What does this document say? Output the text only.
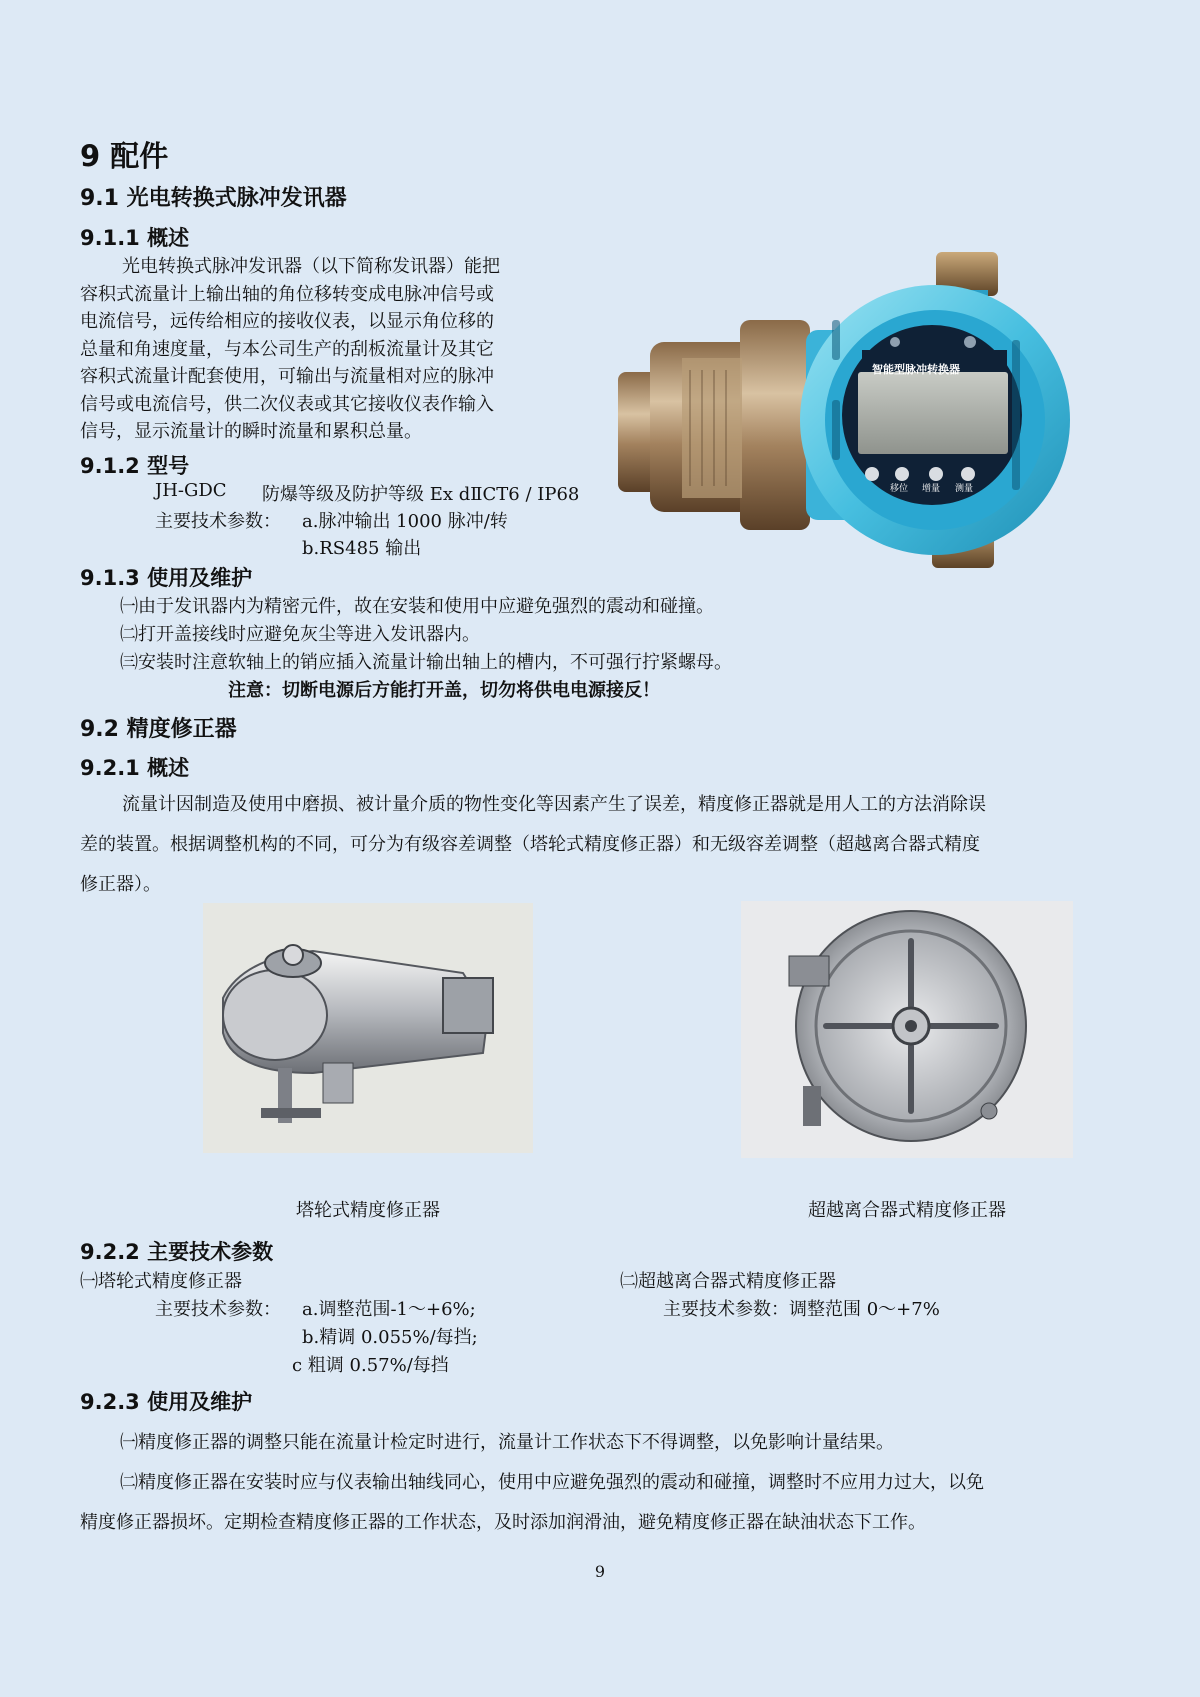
9 配件
9.1 光电转换式脉冲发讯器
9.1.1 概述
光电转换式脉冲发讯器（以下简称发讯器）能把
容积式流量计上输出轴的角位移转变成电脉冲信号或
电流信号，远传给相应的接收仪表，以显示角位移的
总量和角速度量，与本公司生产的刮板流量计及其它
容积式流量计配套使用，可输出与流量相对应的脉冲
信号或电流信号，供二次仪表或其它接收仪表作输入
信号，显示流量计的瞬时流量和累积总量。
智能型脉冲转换器
移位 增量 测量
9.1.2 型号
JH-GDC 防爆等级及防护等级 Ex dⅡCT6 / IP68
主要技术参数： a.脉冲输出 1000 脉冲/转
b.RS485 输出
9.1.3 使用及维护
㈠由于发讯器内为精密元件，故在安装和使用中应避免强烈的震动和碰撞。
㈡打开盖接线时应避免灰尘等进入发讯器内。
㈢安装时注意软轴上的销应插入流量计输出轴上的槽内，不可强行拧紧螺母。
注意：切断电源后方能打开盖，切勿将供电电源接反！
9.2 精度修正器
9.2.1 概述
流量计因制造及使用中磨损、被计量介质的物性变化等因素产生了误差，精度修正器就是用人工的方法消除误
差的装置。根据调整机构的不同，可分为有级容差调整（塔轮式精度修正器）和无级容差调整（超越离合器式精度
修正器）。
塔轮式精度修正器	超越离合器式精度修正器
9.2.2 主要技术参数
㈠塔轮式精度修正器
主要技术参数： a.调整范围-1～+6%;
b.精调 0.055%/每挡;
c 粗调 0.57%/每挡
㈡超越离合器式精度修正器
主要技术参数：调整范围 0～+7%
9.2.3 使用及维护
㈠精度修正器的调整只能在流量计检定时进行，流量计工作状态下不得调整，以免影响计量结果。
㈡精度修正器在安装时应与仪表输出轴线同心，使用中应避免强烈的震动和碰撞，调整时不应用力过大，以免
精度修正器损坏。定期检查精度修正器的工作状态，及时添加润滑油，避免精度修正器在缺油状态下工作。
9
